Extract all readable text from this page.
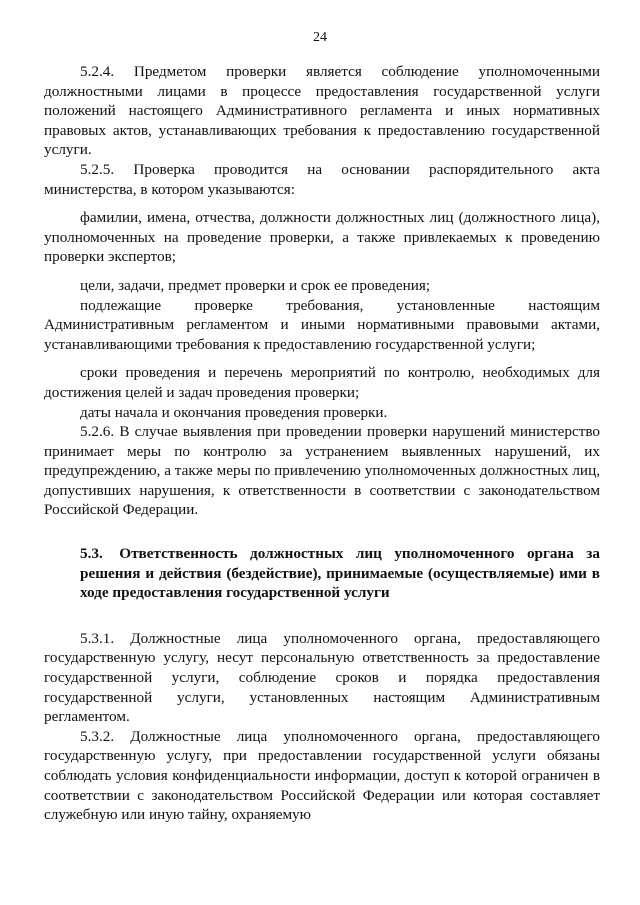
24

5.2.4. Предметом проверки является соблюдение уполномоченными должностными лицами в процессе предоставления государственной услуги положений настоящего Административного регламента и иных нормативных правовых актов, устанавливающих требования к предоставлению государственной услуги.

5.2.5. Проверка проводится на основании распорядительного акта министерства, в котором указываются:

фамилии, имена, отчества, должности должностных лиц (должностного лица), уполномоченных на проведение проверки, а также привлекаемых к проведению проверки экспертов;

цели, задачи, предмет проверки и срок ее проведения;

подлежащие проверке требования, установленные настоящим Административным регламентом и иными нормативными правовыми актами, устанавливающими требования к предоставлению государственной услуги;

сроки проведения и перечень мероприятий по контролю, необходимых для достижения целей и задач проведения проверки;

даты начала и окончания проведения проверки.

5.2.6. В случае выявления при проведении проверки нарушений министерство принимает меры по контролю за устранением выявленных нарушений, их предупреждению, а также меры по привлечению уполномоченных должностных лиц, допустивших нарушения, к ответственности в соответствии с законодательством Российской Федерации.

5.3. Ответственность должностных лиц уполномоченного органа за решения и действия (бездействие), принимаемые (осуществляемые) ими в ходе предоставления государственной услуги

5.3.1. Должностные лица уполномоченного органа, предоставляющего государственную услугу, несут персональную ответственность за предоставление государственной услуги, соблюдение сроков и порядка предоставления государственной услуги, установленных настоящим Административным регламентом.

5.3.2. Должностные лица уполномоченного органа, предоставляющего государственную услугу, при предоставлении государственной услуги обязаны соблюдать условия конфиденциальности информации, доступ к которой ограничен в соответствии с законодательством Российской Федерации или которая составляет служебную или иную тайну, охраняемую
